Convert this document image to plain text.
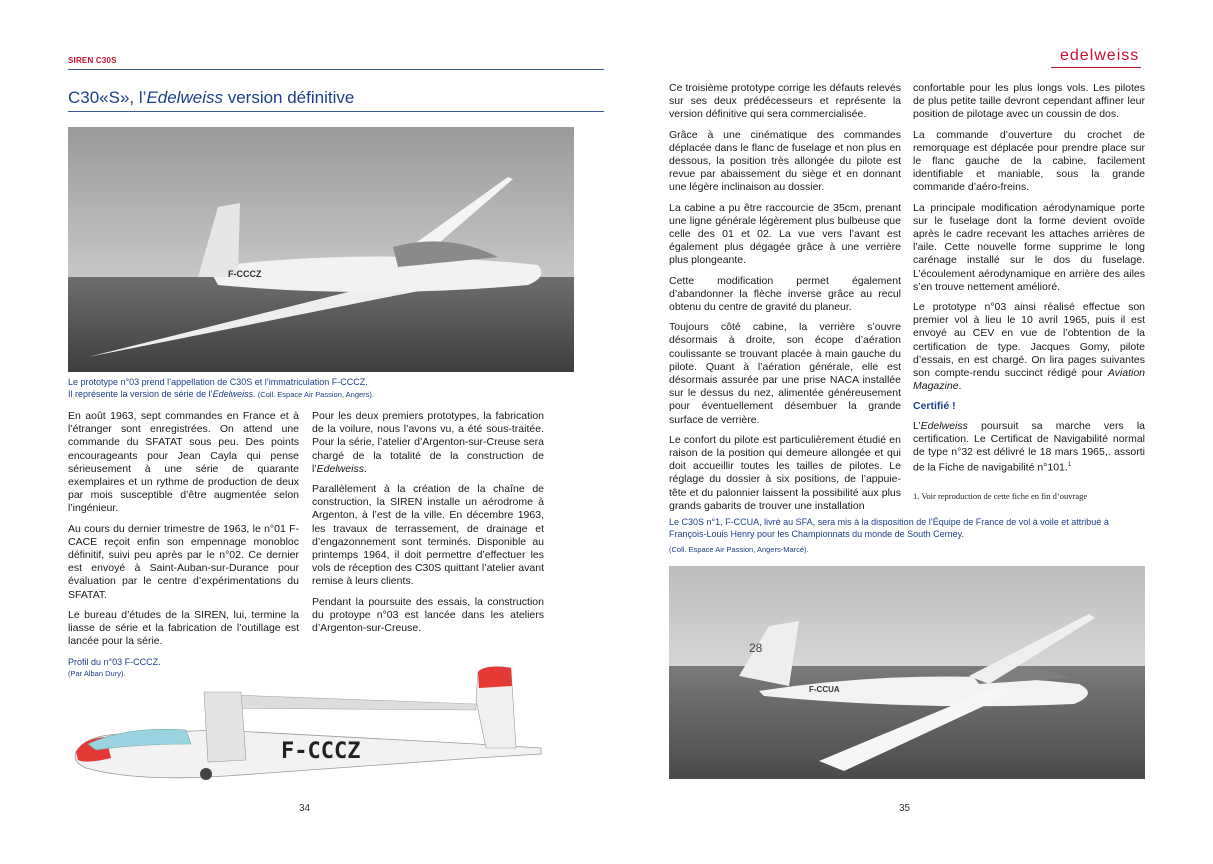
SIREN C30S	edelweiss
C30«S», l’Edelweiss version définitive
F-CCCZ
Le prototype n°03 prend l’appellation de C30S et l’immatriculation F-CCCZ.
Il représente la version de série de l’Edelweiss. (Coll. Espace Air Passion, Angers).

En août 1963, sept commandes en France et à l’étranger sont enregistrées. On attend une commande du SFATAT sous peu. Des points encourageants pour Jean Cayla qui pense sérieusement à une série de quarante exemplaires et un rythme de production de deux par mois susceptible d’être augmentée selon l’ingénieur.

Au cours du dernier trimestre de 1963, le n°01 F-CACE reçoit enfin son empennage monobloc définitif, suivi peu après par le n°02. Ce dernier est envoyé à Saint-Auban-sur-Durance pour évaluation par le centre d’expérimentations du SFATAT.

Le bureau d’études de la SIREN, lui, termine la liasse de série et la fabrication de l’outillage est lancée pour la série.

Pour les deux premiers prototypes, la fabrication de la voilure, nous l’avons vu, a été sous-traitée. Pour la série, l’atelier d’Argenton-sur-Creuse sera chargé de la totalité de la construction de l’Edelweiss.

Parallèlement à la création de la chaîne de construction, la SIREN installe un aérodrome à Argenton, à l’est de la ville. En décembre 1963, les travaux de terrassement, de drainage et d’engazonnement sont terminés. Disponible au printemps 1964, il doit permettre d’effectuer les vols de réception des C30S quittant l’atelier avant remise à leurs clients.

Pendant la poursuite des essais, la construction du protoype n°03 est lancée dans les ateliers d’Argenton-sur-Creuse.

Profil du n°03 F-CCCZ.
(Par Alban Dury).
F-CCCZ

Ce troisième prototype corrige les défauts relevés sur ses deux prédécesseurs et représente la version définitive qui sera commercialisée.

Grâce à une cinématique des commandes déplacée dans le flanc de fuselage et non plus en dessous, la position très allongée du pilote est revue par abaissement du siège et en donnant une légère inclinaison au dossier.

La cabine a pu être raccourcie de 35cm, prenant une ligne générale légèrement plus bulbeuse que celle des 01 et 02. La vue vers l’avant est également plus dégagée grâce à une verrière plus plongeante.

Cette modification permet également d’abandonner la flèche inverse grâce au recul obtenu du centre de gravité du planeur.

Toujours côté cabine, la verrière s’ouvre désormais à droite, son écope d’aération coulissante se trouvant placée à main gauche du pilote. Quant à l’aération générale, elle est désormais assurée par une prise NACA installée sur le dessus du nez, alimentée généreusement pour éventuellement désembuer la grande surface de verrière.

Le confort du pilote est particulièrement étudié en raison de la position qui demeure allongée et qui doit accueillir toutes les tailles de pilotes. Le réglage du dossier à six positions, de l’appuie-tête et du palonnier laissent la possibilité aux plus grands gabarits de trouver une installation

confortable pour les plus longs vols. Les pilotes de plus petite taille devront cependant affiner leur position de pilotage avec un coussin de dos.

La commande d’ouverture du crochet de remorquage est déplacée pour prendre place sur le flanc gauche de la cabine, facilement identifiable et maniable, sous la grande commande d’aéro-freins.

La principale modification aérodynamique porte sur le fuselage dont la forme devient ovoïde après le cadre recevant les attaches arrières de l’aile. Cette nouvelle forme supprime le long carénage installé sur le dos du fuselage. L’écoulement aérodynamique en arrière des ailes s’en trouve nettement amélioré.

Le prototype n°03 ainsi réalisé effectue son premier vol à lieu le 10 avril 1965, puis il est envoyé au CEV en vue de l’obtention de la certification de type. Jacques Gomy, pilote d’essais, en est chargé. On lira pages suivantes son compte-rendu succinct rédigé pour Aviation Magazine.

Certifié !

L’Edelweiss poursuit sa marche vers la certification. Le Certificat de Navigabilité normal de type n°32 est délivré le 18 mars 1965,. assorti de la Fiche de navigabilité n°101.$^1$

1. Voir reproduction de cette fiche en fin d’ouvrage
Le C30S n°1, F-CCUA, livré au SFA, sera mis à la disposition de l’Équipe de France de vol à voile et attribué à François-Louis Henry pour les Championnats du monde de South Cerney.
(Coll. Espace Air Passion, Angers-Marcé).
28
F-CCUA
34	35
